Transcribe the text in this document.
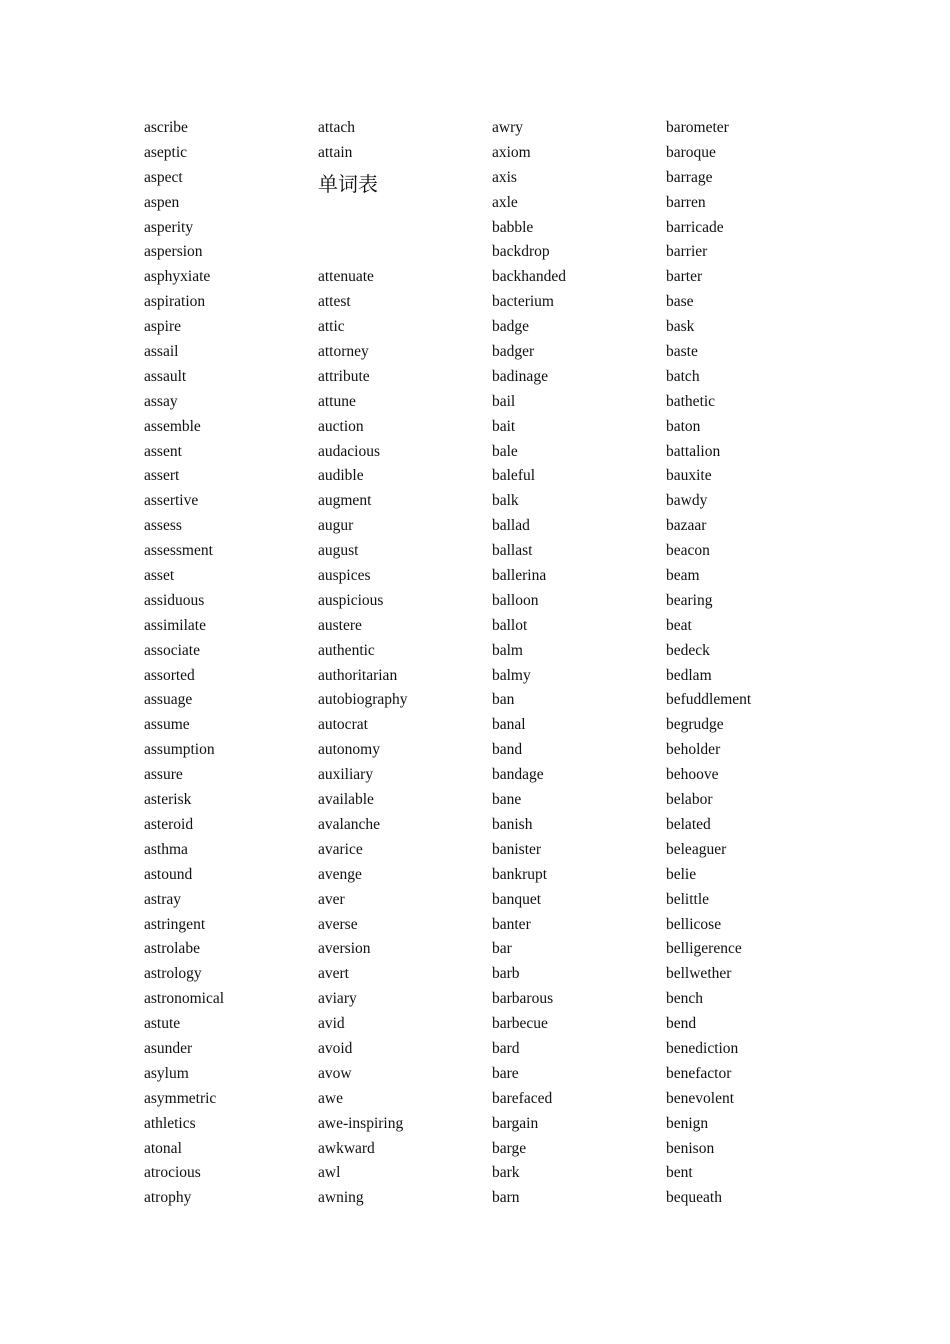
ascribe
aseptic
aspect
aspen
asperity
aspersion
asphyxiate
aspiration
aspire
assail
assault
assay
assemble
assent
assert
assertive
assess
assessment
asset
assiduous
assimilate
associate
assorted
assuage
assume
assumption
assure
asterisk
asteroid
asthma
astound
astray
astringent
astrolabe
astrology
astronomical
astute
asunder
asylum
asymmetric
athletics
atonal
atrocious
atrophy
attach
attain
单词表
attenuate
attest
attic
attorney
attribute
attune
auction
audacious
audible
augment
augur
august
auspices
auspicious
austere
authentic
authoritarian
autobiography
autocrat
autonomy
auxiliary
available
avalanche
avarice
avenge
aver
averse
aversion
avert
aviary
avid
avoid
avow
awe
awe-inspiring
awkward
awl
awning
awry
axiom
axis
axle
babble
backdrop
backhanded
bacterium
badge
badger
badinage
bail
bait
bale
baleful
balk
ballad
ballast
ballerina
balloon
ballot
balm
balmy
ban
banal
band
bandage
bane
banish
banister
bankrupt
banquet
banter
bar
barb
barbarous
barbecue
bard
bare
barefaced
bargain
barge
bark
barn
barometer
baroque
barrage
barren
barricade
barrier
barter
base
bask
baste
batch
bathetic
baton
battalion
bauxite
bawdy
bazaar
beacon
beam
bearing
beat
bedeck
bedlam
befuddlement
begrudge
beholder
behoove
belabor
belated
beleaguer
belie
belittle
bellicose
belligerence
bellwether
bench
bend
benediction
benefactor
benevolent
benign
benison
bent
bequeath
